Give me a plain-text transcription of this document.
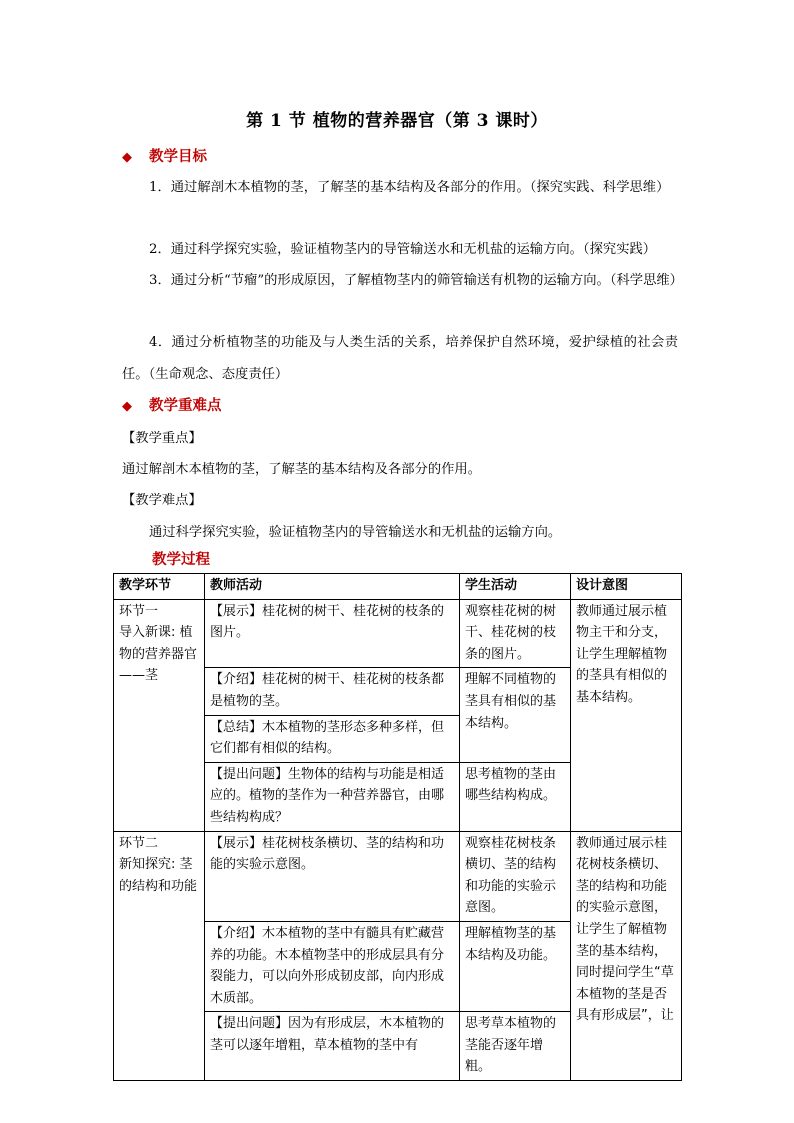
第 1 节 植物的营养器官（第 3 课时）
◆ 教学目标
1．通过解剖木本植物的茎，了解茎的基本结构及各部分的作用。（探究实践、科学思维）
2．通过科学探究实验，验证植物茎内的导管输送水和无机盐的运输方向。（探究实践）
3．通过分析“节瘤”的形成原因，了解植物茎内的筛管输送有机物的运输方向。（科学思维）
4．通过分析植物茎的功能及与人类生活的关系，培养保护自然环境，爱护绿植的社会责任。（生命观念、态度责任）
◆ 教学重难点
【教学重点】
通过解剖木本植物的茎，了解茎的基本结构及各部分的作用。
【教学难点】
通过科学探究实验，验证植物茎内的导管输送水和无机盐的运输方向。
教学过程
教学环节	教师活动	学生活动	设计意图
环节一
导入新课: 植物的营养器官——茎	【展示】桂花树的树干、桂花树的枝条的图片。	观察桂花树的树干、桂花树的枝条的图片。	教师通过展示植物主干和分支，让学生理解植物的茎具有相似的基本结构。
	【介绍】桂花树的树干、桂花树的枝条都是植物的茎。	理解不同植物的茎具有相似的基本结构。	
	【总结】木本植物的茎形态多种多样，但它们都有相似的结构。		
	【提出问题】生物体的结构与功能是相适应的。植物的茎作为一种营养器官，由哪些结构构成？	思考植物的茎由哪些结构构成。	
环节二
新知探究: 茎的结构和功能	【展示】桂花树枝条横切、茎的结构和功能的实验示意图。	观察桂花树枝条横切、茎的结构和功能的实验示意图。	教师通过展示桂花树枝条横切、茎的结构和功能的实验示意图，让学生了解植物茎的基本结构，同时提问学生“草本植物的茎是否具有形成层”，让
	【介绍】木本植物的茎中有髓具有贮藏营养的功能。木本植物茎中的形成层具有分裂能力，可以向外形成韧皮部，向内形成木质部。	理解植物茎的基本结构及功能。	
	【提出问题】因为有形成层，木本植物的茎可以逐年增粗，草本植物的茎中有	思考草本植物的茎能否逐年增粗。	
